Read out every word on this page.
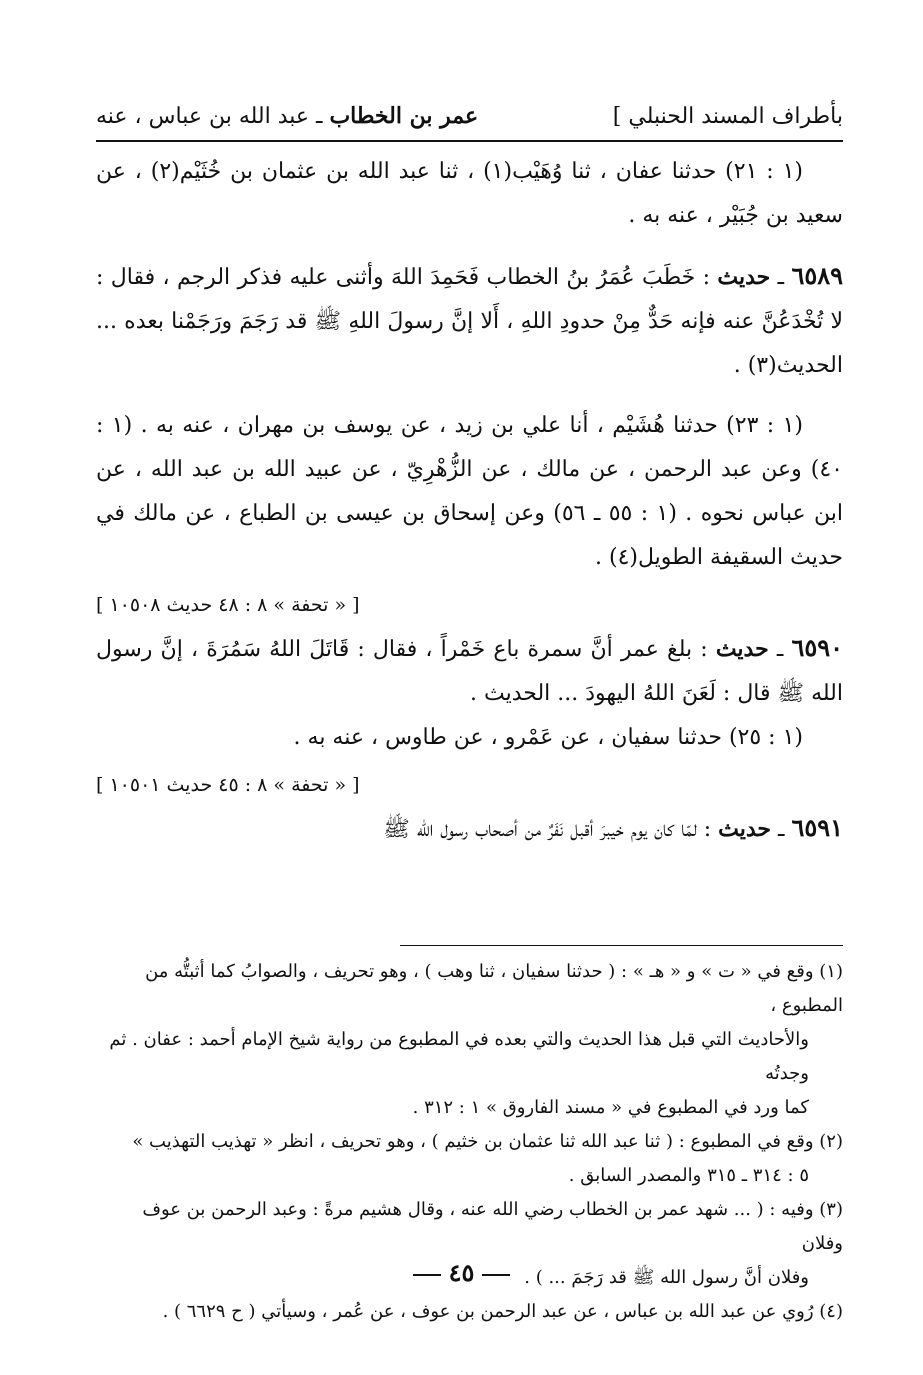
بأطراف المسند الحنبلي ]
عمر بن الخطاب ـ عبد الله بن عباس ، عنه

(١ : ٢١) حدثنا عفان ، ثنا وُهَيْب(١) ، ثنا عبد الله بن عثمان بن خُثَيْم(٢) ، عن سعيد بن جُبَيْر ، عنه به .

٦٥٨٩ ـ حديث : خَطَبَ عُمَرُ بنُ الخطاب فَحَمِدَ اللهَ وأثنى عليه فذكر الرجم ، فقال : لا تُخْدَعُنَّ عنه فإنه حَدٌّ مِنْ حدودِ اللهِ ، أَلا إنَّ رسولَ اللهِ ﷺ قد رَجَمَ ورَجَمْنا بعده ... الحديث(٣) .

(١ : ٢٣) حدثنا هُشَيْم ، أنا علي بن زيد ، عن يوسف بن مهران ، عنه به . (١ : ٤٠) وعن عبد الرحمن ، عن مالك ، عن الزُّهْرِيّ ، عن عبيد الله بن عبد الله ، عن ابن عباس نحوه . (١ : ٥٥ ـ ٥٦) وعن إسحاق بن عيسى بن الطباع ، عن مالك في حديث السقيفة الطويل(٤) .

[ « تحفة » ٨ : ٤٨ حديث ١٠٥٠٨ ]

٦٥٩٠ ـ حديث : بلغ عمر أنَّ سمرة باع خَمْراً ، فقال : قَاتَلَ اللهُ سَمُرَةَ ، إنَّ رسول الله ﷺ قال : لَعَنَ اللهُ اليهودَ ... الحديث .

(١ : ٢٥) حدثنا سفيان ، عن عَمْرو ، عن طاوس ، عنه به .

[ « تحفة » ٨ : ٤٥ حديث ١٠٥٠١ ]

٦٥٩١ ـ حديث : لمّا كان يوم خيبرَ أقبل نَفَرٌ من أصحاب رسول الله ﷺ

(١) وقع في « ت » و « هـ » : ( حدثنا سفيان ، ثنا وهب ) ، وهو تحريف ، والصوابُ كما أثبتُّه من المطبوع ،

والأحاديث التي قبل هذا الحديث والتي بعده في المطبوع من رواية شيخ الإمام أحمد : عفان . ثم وجدتُه

كما ورد في المطبوع في « مسند الفاروق » ١ : ٣١٢ .

(٢) وقع في المطبوع : ( ثنا عبد الله ثنا عثمان بن خثيم ) ، وهو تحريف ، انظر « تهذيب التهذيب »

٥ : ٣١٤ ـ ٣١٥ والمصدر السابق .

(٣) وفيه : ( ... شهد عمر بن الخطاب رضي الله عنه ، وقال هشيم مرةً : وعبد الرحمن بن عوف وفلان

وفلان أنَّ رسول الله ﷺ قد رَجَمَ ... ) .

(٤) رُوي عن عبد الله بن عباس ، عن عبد الرحمن بن عوف ، عن عُمر ، وسيأتي ( ح ٦٦٢٩ ) .

٤٥
